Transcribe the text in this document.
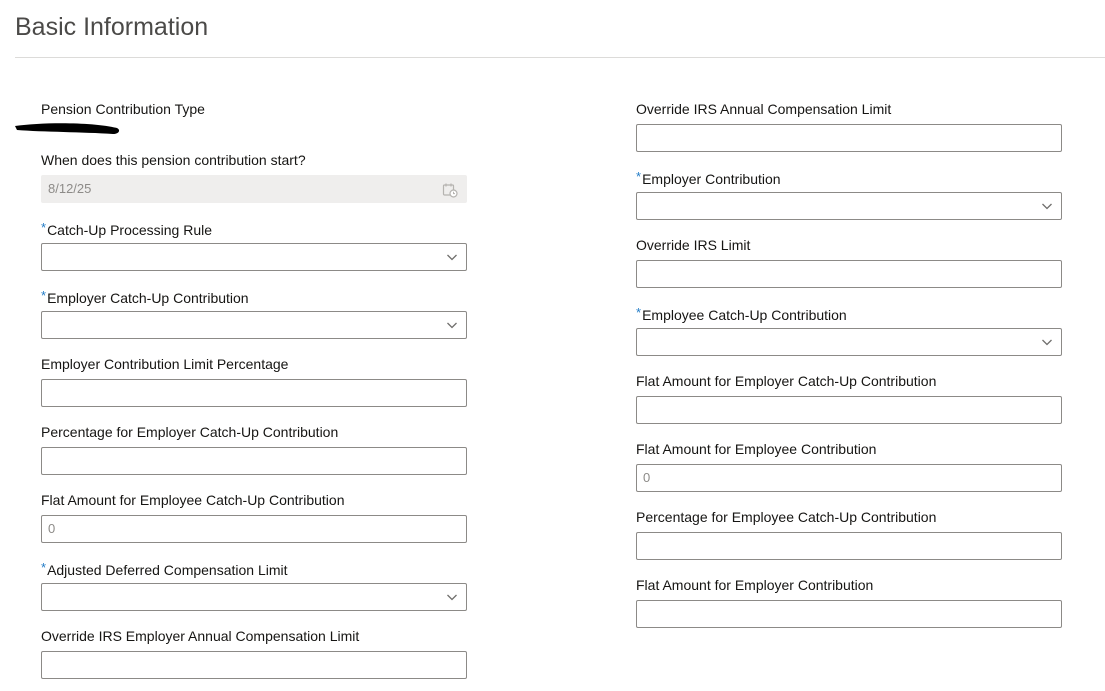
Basic Information
Pension Contribution Type
When does this pension contribution start?
8/12/25
*Catch-Up Processing Rule
*Employer Catch-Up Contribution
Employer Contribution Limit Percentage
Percentage for Employer Catch-Up Contribution
Flat Amount for Employee Catch-Up Contribution
0
*Adjusted Deferred Compensation Limit
Override IRS Employer Annual Compensation Limit
Override IRS Annual Compensation Limit
*Employer Contribution
Override IRS Limit
*Employee Catch-Up Contribution
Flat Amount for Employer Catch-Up Contribution
Flat Amount for Employee Contribution
0
Percentage for Employee Catch-Up Contribution
Flat Amount for Employer Contribution
